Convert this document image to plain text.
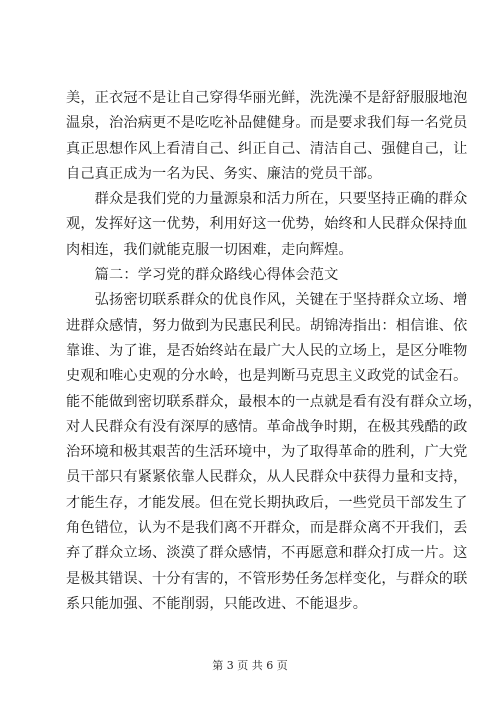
美，正衣冠不是让自己穿得华丽光鲜，洗洗澡不是舒舒服服地泡
温泉，治治病更不是吃吃补品健健身。而是要求我们每一名党员
真正思想作风上看清自己、纠正自己、清洁自己、强健自己，让
自己真正成为一名为民、务实、廉洁的党员干部。
　　群众是我们党的力量源泉和活力所在，只要坚持正确的群众
观，发挥好这一优势，利用好这一优势，始终和人民群众保持血
肉相连，我们就能克服一切困难，走向辉煌。
　　篇二：学习党的群众路线心得体会范文
　　弘扬密切联系群众的优良作风，关键在于坚持群众立场、增
进群众感情，努力做到为民惠民利民。胡锦涛指出：相信谁、依
靠谁、为了谁，是否始终站在最广大人民的立场上，是区分唯物
史观和唯心史观的分水岭，也是判断马克思主义政党的试金石。
能不能做到密切联系群众，最根本的一点就是看有没有群众立场，
对人民群众有没有深厚的感情。革命战争时期，在极其残酷的政
治环境和极其艰苦的生活环境中，为了取得革命的胜利，广大党
员干部只有紧紧依靠人民群众，从人民群众中获得力量和支持，
才能生存，才能发展。但在党长期执政后，一些党员干部发生了
角色错位，认为不是我们离不开群众，而是群众离不开我们，丢
弃了群众立场、淡漠了群众感情，不再愿意和群众打成一片。这
是极其错误、十分有害的，不管形势任务怎样变化，与群众的联
系只能加强、不能削弱，只能改进、不能退步。
第 3 页 共 6 页
